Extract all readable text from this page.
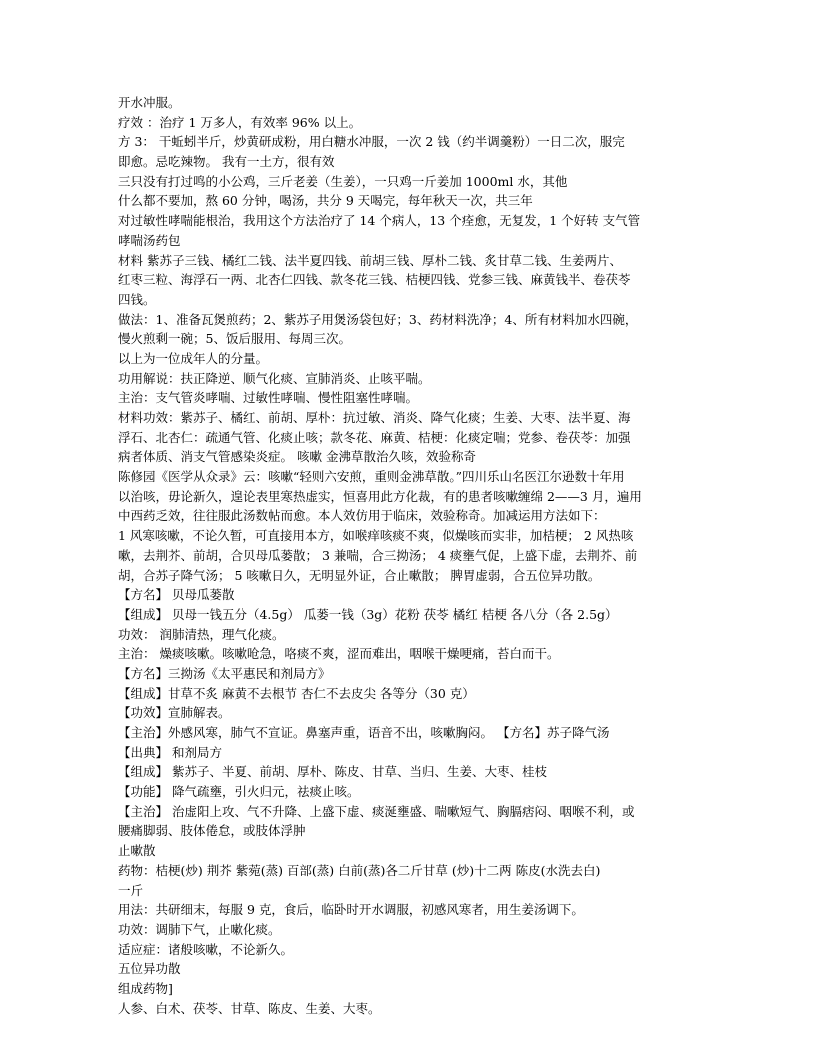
开水冲服。
疗效 ：治疗 1 万多人，有效率 96% 以上。
方 3： 干蚯蚓半斤，炒黄研成粉，用白糖水冲服，一次 2 钱（约半调羹粉）一日二次，服完
即愈。忌吃辣物。 我有一土方，很有效
三只没有打过鸣的小公鸡，三斤老姜（生姜），一只鸡一斤姜加 1000ml 水，其他
什么都不要加，熬 60 分钟，喝汤，共分 9 天喝完，每年秋天一次，共三年
对过敏性哮喘能根治，我用这个方法治疗了 14 个病人，13 个痊愈，无复发，1 个好转 支气管
哮喘汤药包
材料 紫苏子三钱、橘红二钱、法半夏四钱、前胡三钱、厚朴二钱、炙甘草二钱、生姜两片、
红枣三粒、海浮石一两、北杏仁四钱、款冬花三钱、桔梗四钱、党参三钱、麻黄钱半、卷茯苓
四钱。
做法：1、准备瓦煲煎药；2、紫苏子用煲汤袋包好；3、药材料洗净；4、所有材料加水四碗，
慢火煎剩一碗；5、饭后服用、每周三次。
以上为一位成年人的分量。
功用解说：扶正降逆、顺气化痰、宣肺消炎、止咳平喘。
主治：支气管炎哮喘、过敏性哮喘、慢性阻塞性哮喘。
材料功效：紫苏子、橘红、前胡、厚朴：抗过敏、消炎、降气化痰；生姜、大枣、法半夏、海
浮石、北杏仁：疏通气管、化痰止咳；款冬花、麻黄、桔梗：化痰定喘；党参、卷茯苓：加强
病者体质、消支气管感染炎症。 咳嗽 金沸草散治久咳，效验称奇
陈修园《医学从众录》云：咳嗽“轻则六安煎，重则金沸草散。”四川乐山名医江尔逊数十年用
以治咳，毋论新久，遑论表里寒热虚实，恒喜用此方化裁，有的患者咳嗽缠绵 2——3 月，遍用
中西药乏效，往往服此汤数帖而愈。本人效仿用于临床，效验称奇。加减运用方法如下：
1 风寒咳嗽，不论久暂，可直接用本方，如喉痒咳痰不爽，似燥咳而实非，加桔梗； 2 风热咳
嗽，去荆芥、前胡，合贝母瓜蒌散； 3 兼喘，合三拗汤； 4 痰壅气促，上盛下虚，去荆芥、前
胡，合苏子降气汤； 5 咳嗽日久，无明显外证，合止嗽散； 脾胃虚弱，合五位异功散。
【方名】 贝母瓜蒌散
【组成】 贝母一钱五分（4.5g） 瓜蒌一钱（3g）花粉 茯苓 橘红 桔梗 各八分（各 2.5g）
功效： 润肺清热，理气化痰。
主治： 燥痰咳嗽。咳嗽呛急，咯痰不爽，涩而难出，咽喉干燥哽痛，苔白而干。
【方名】三拗汤《太平惠民和剂局方》
【组成】甘草不炙 麻黄不去根节 杏仁不去皮尖 各等分（30 克）
【功效】宣肺解表。
【主治】外感风寒，肺气不宣证。鼻塞声重，语音不出，咳嗽胸闷。 【方名】苏子降气汤
【出典】 和剂局方
【组成】 紫苏子、半夏、前胡、厚朴、陈皮、甘草、当归、生姜、大枣、桂枝
【功能】 降气疏壅，引火归元，祛痰止咳。
【主治】 治虚阳上攻、气不升降、上盛下虚、痰涎壅盛、喘嗽短气、胸膈痞闷、咽喉不利，或
腰痛脚弱、肢体倦怠，或肢体浮肿
止嗽散
药物：桔梗(炒) 荆芥 紫菀(蒸) 百部(蒸) 白前(蒸)各二斤甘草 (炒)十二两 陈皮(水洗去白)
一斤
用法：共研细末，每服 9 克，食后，临卧时开水调服，初感风寒者，用生姜汤调下。
功效：调肺下气，止嗽化痰。
适应症：诸般咳嗽，不论新久。
五位异功散
组成药物]
人参、白术、茯苓、甘草、陈皮、生姜、大枣。
